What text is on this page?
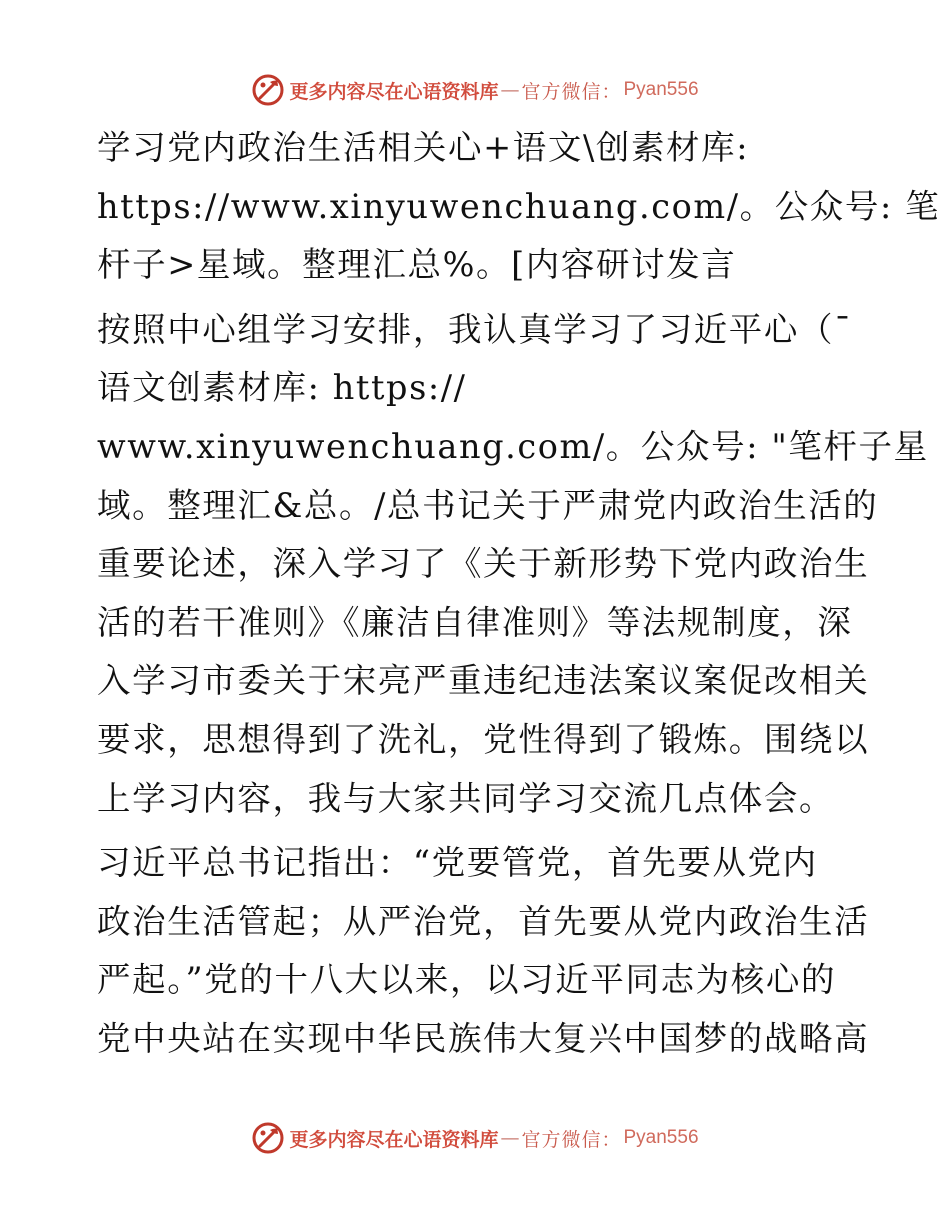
更多内容尽在心语资料库 — 官方微信： Pyan556

学习党内政治生活相关心+语文\创素材库:
https://www.xinyuwenchuang.com/。公众号: 笔
杆子>星域。整理汇总%。[内容研讨发言

按照中心组学习安排，我认真学习了习近平心（¯
语文创素材库: https://
www.xinyuwenchuang.com/。公众号: "笔杆子星
域。整理汇&总。/总书记关于严肃党内政治生活的
重要论述，深入学习了《关于新形势下党内政治生
活的若干准则》《廉洁自律准则》等法规制度，深
入学习市委关于宋亮严重违纪违法案议案促改相关
要求，思想得到了洗礼，党性得到了锻炼。围绕以
上学习内容，我与大家共同学习交流几点体会。

习近平总书记指出：“党要管党，首先要从党内
政治生活管起；从严治党，首先要从党内政治生活
严起。”党的十八大以来，以习近平同志为核心的
党中央站在实现中华民族伟大复兴中国梦的战略高

更多内容尽在心语资料库 — 官方微信： Pyan556
